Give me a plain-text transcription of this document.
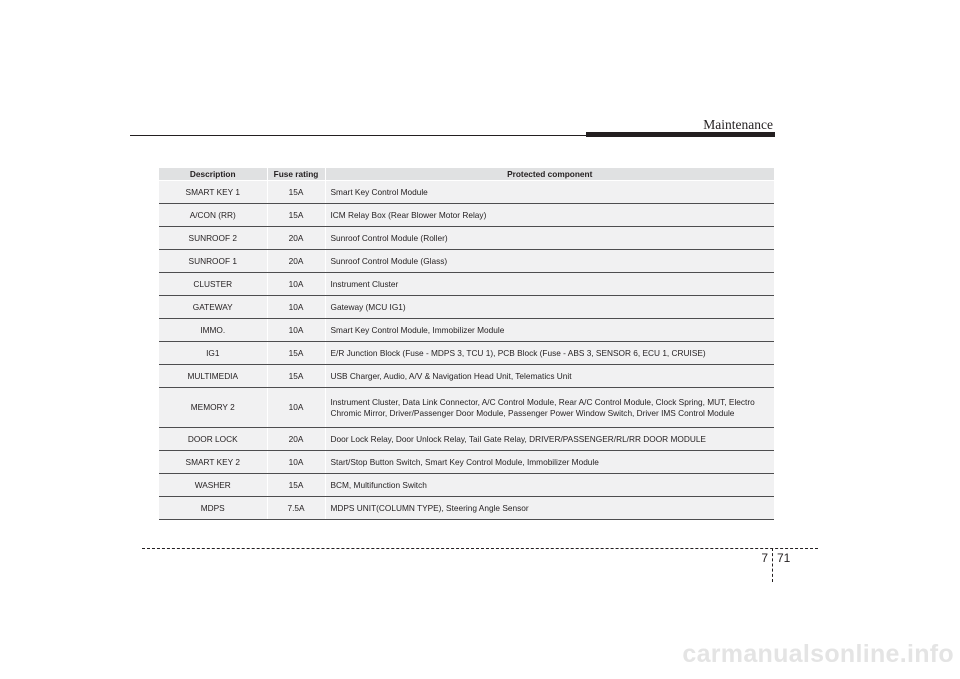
Maintenance
Description	Fuse rating	Protected component
SMART KEY 1	15A	Smart Key Control Module
A/CON (RR)	15A	ICM Relay Box (Rear Blower Motor Relay)
SUNROOF 2	20A	Sunroof Control Module (Roller)
SUNROOF 1	20A	Sunroof Control Module (Glass)
CLUSTER	10A	Instrument Cluster
GATEWAY	10A	Gateway (MCU IG1)
IMMO.	10A	Smart Key Control Module, Immobilizer Module
IG1	15A	E/R Junction Block (Fuse - MDPS 3, TCU 1), PCB Block (Fuse - ABS 3, SENSOR 6, ECU 1, CRUISE)
MULTIMEDIA	15A	USB Charger, Audio, A/V & Navigation Head Unit, Telematics Unit
MEMORY 2	10A	Instrument Cluster, Data Link Connector, A/C Control Module, Rear A/C Control Module, Clock Spring, MUT, Electro Chromic Mirror, Driver/Passenger Door Module, Passenger Power Window Switch, Driver IMS Control Module
DOOR LOCK	20A	Door Lock Relay, Door Unlock Relay, Tail Gate Relay, DRIVER/PASSENGER/RL/RR DOOR MODULE
SMART KEY 2	10A	Start/Stop Button Switch, Smart Key Control Module, Immobilizer Module
WASHER	15A	BCM, Multifunction Switch
MDPS	7.5A	MDPS UNIT(COLUMN TYPE), Steering Angle Sensor
7 71
carmanualsonline.info
